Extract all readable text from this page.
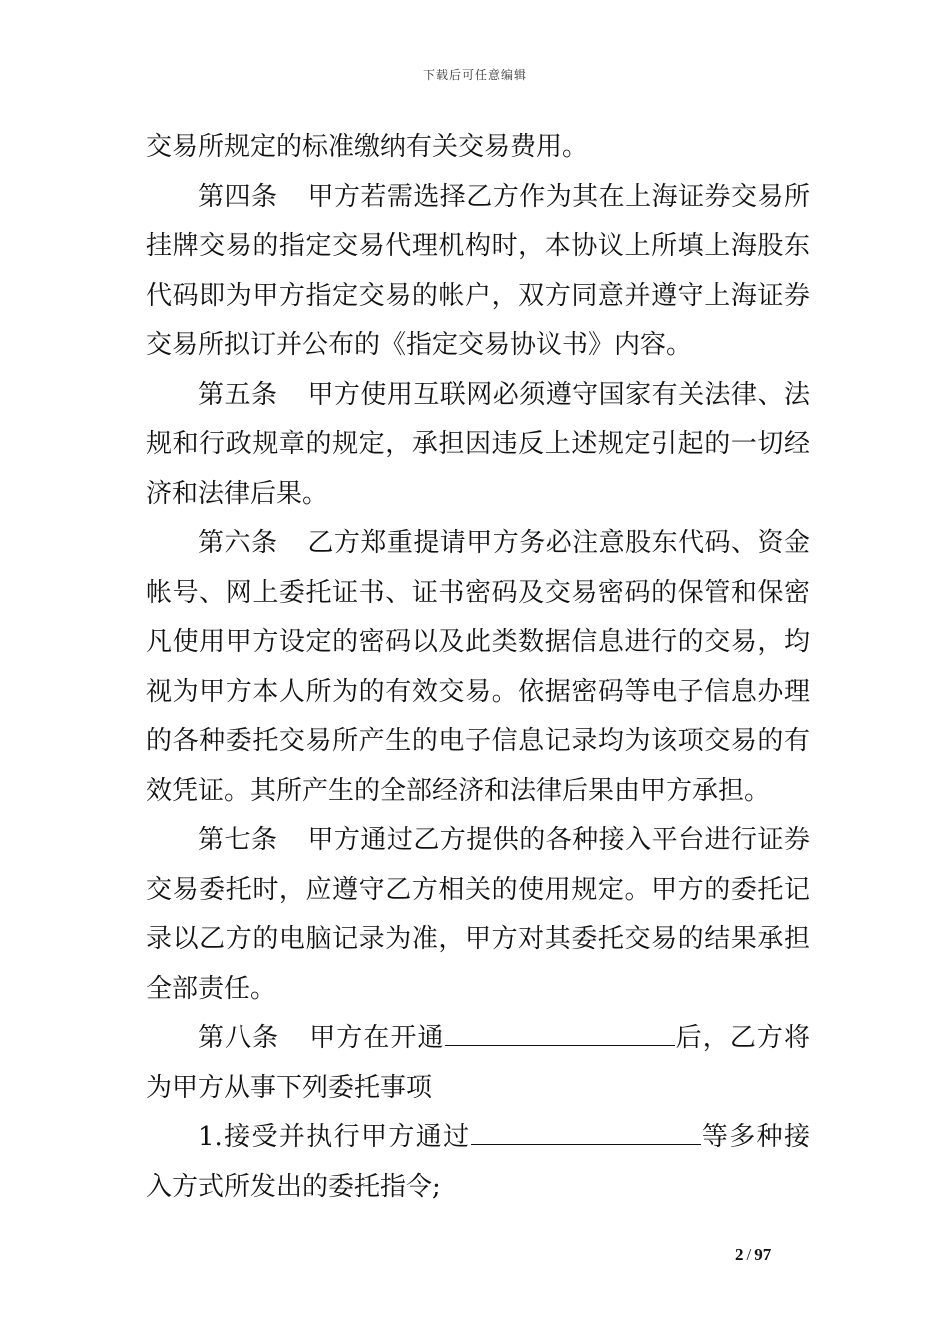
下载后可任意编辑

交易所规定的标准缴纳有关交易费用。

第四条 甲方若需选择乙方作为其在上海证券交易所挂牌交易的指定交易代理机构时，本协议上所填上海股东代码即为甲方指定交易的帐户，双方同意并遵守上海证券交易所拟订并公布的《指定交易协议书》内容。

第五条 甲方使用互联网必须遵守国家有关法律、法规和行政规章的规定，承担因违反上述规定引起的一切经济和法律后果。

第六条 乙方郑重提请甲方务必注意股东代码、资金帐号、网上委托证书、证书密码及交易密码的保管和保密凡使用甲方设定的密码以及此类数据信息进行的交易，均视为甲方本人所为的有效交易。依据密码等电子信息办理的各种委托交易所产生的电子信息记录均为该项交易的有效凭证。其所产生的全部经济和法律后果由甲方承担。

第七条 甲方通过乙方提供的各种接入平台进行证券交易委托时，应遵守乙方相关的使用规定。甲方的委托记录以乙方的电脑记录为准，甲方对其委托交易的结果承担全部责任。

第八条 甲方在开通	后，乙方将为甲方从事下列委托事项

1.接受并执行甲方通过	等多种接入方式所发出的委托指令;

2 / 97
